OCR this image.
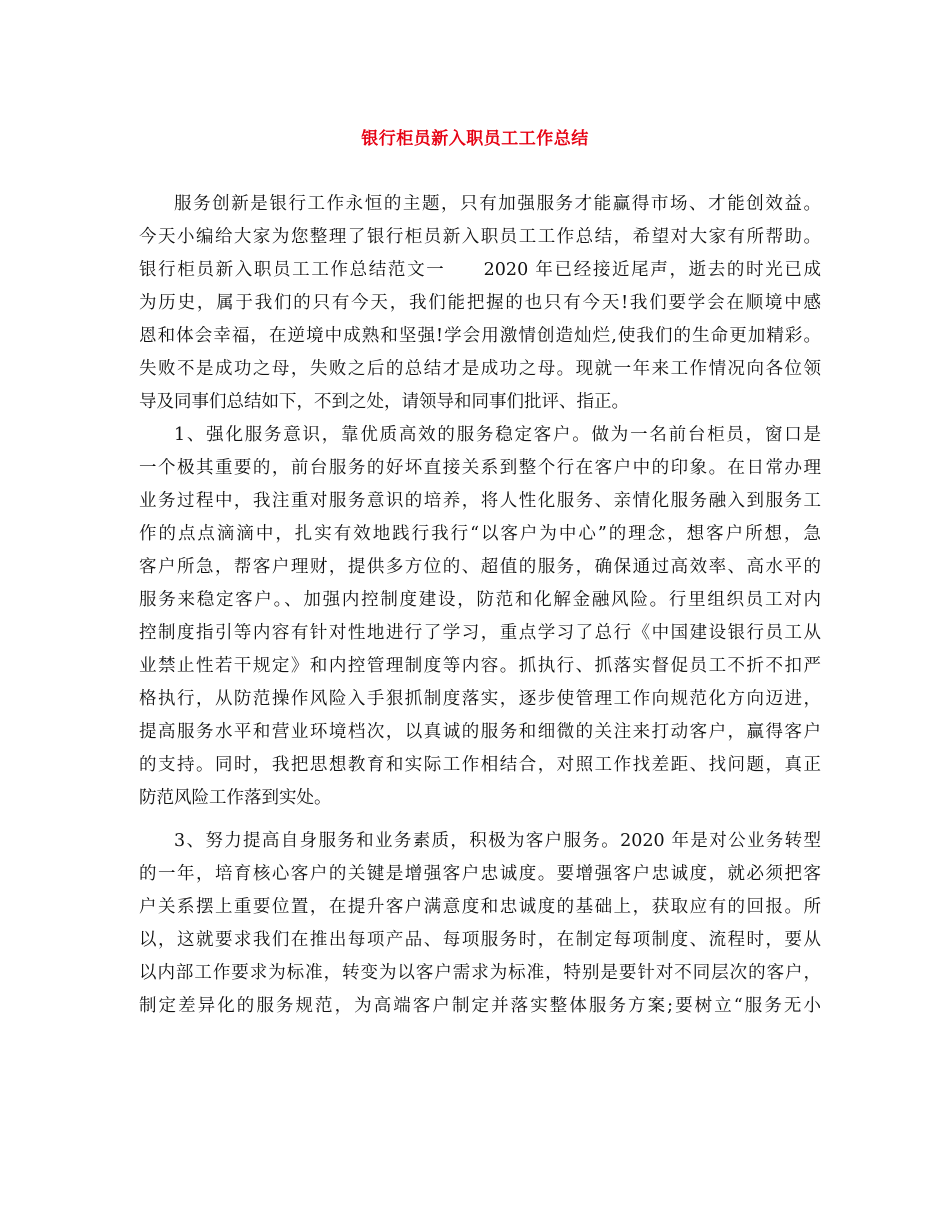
银行柜员新入职员工工作总结
服务创新是银行工作永恒的主题，只有加强服务才能赢得市场、才能创效益。
今天小编给大家为您整理了银行柜员新入职员工工作总结，希望对大家有所帮助。
银行柜员新入职员工工作总结范文一　　2020 年已经接近尾声，逝去的时光已成
为历史，属于我们的只有今天，我们能把握的也只有今天!我们要学会在顺境中感
恩和体会幸福，在逆境中成熟和坚强!学会用激情创造灿烂,使我们的生命更加精彩。
失败不是成功之母，失败之后的总结才是成功之母。现就一年来工作情况向各位领
导及同事们总结如下，不到之处，请领导和同事们批评、指正。
1、强化服务意识，靠优质高效的服务稳定客户。做为一名前台柜员，窗口是
一个极其重要的，前台服务的好坏直接关系到整个行在客户中的印象。在日常办理
业务过程中，我注重对服务意识的培养，将人性化服务、亲情化服务融入到服务工
作的点点滴滴中，扎实有效地践行我行“以客户为中心”的理念，想客户所想，急
客户所急，帮客户理财，提供多方位的、超值的服务，确保通过高效率、高水平的
服务来稳定客户。、加强内控制度建设，防范和化解金融风险。行里组织员工对内
控制度指引等内容有针对性地进行了学习，重点学习了总行《中国建设银行员工从
业禁止性若干规定》和内控管理制度等内容。抓执行、抓落实督促员工不折不扣严
格执行，从防范操作风险入手狠抓制度落实，逐步使管理工作向规范化方向迈进，
提高服务水平和营业环境档次，以真诚的服务和细微的关注来打动客户，赢得客户
的支持。同时，我把思想教育和实际工作相结合，对照工作找差距、找问题，真正
防范风险工作落到实处。
3、努力提高自身服务和业务素质，积极为客户服务。2020 年是对公业务转型
的一年，培育核心客户的关键是增强客户忠诚度。要增强客户忠诚度，就必须把客
户关系摆上重要位置，在提升客户满意度和忠诚度的基础上，获取应有的回报。所
以，这就要求我们在推出每项产品、每项服务时，在制定每项制度、流程时，要从
以内部工作要求为标准，转变为以客户需求为标准，特别是要针对不同层次的客户，
制定差异化的服务规范，为高端客户制定并落实整体服务方案;要树立“服务无小
